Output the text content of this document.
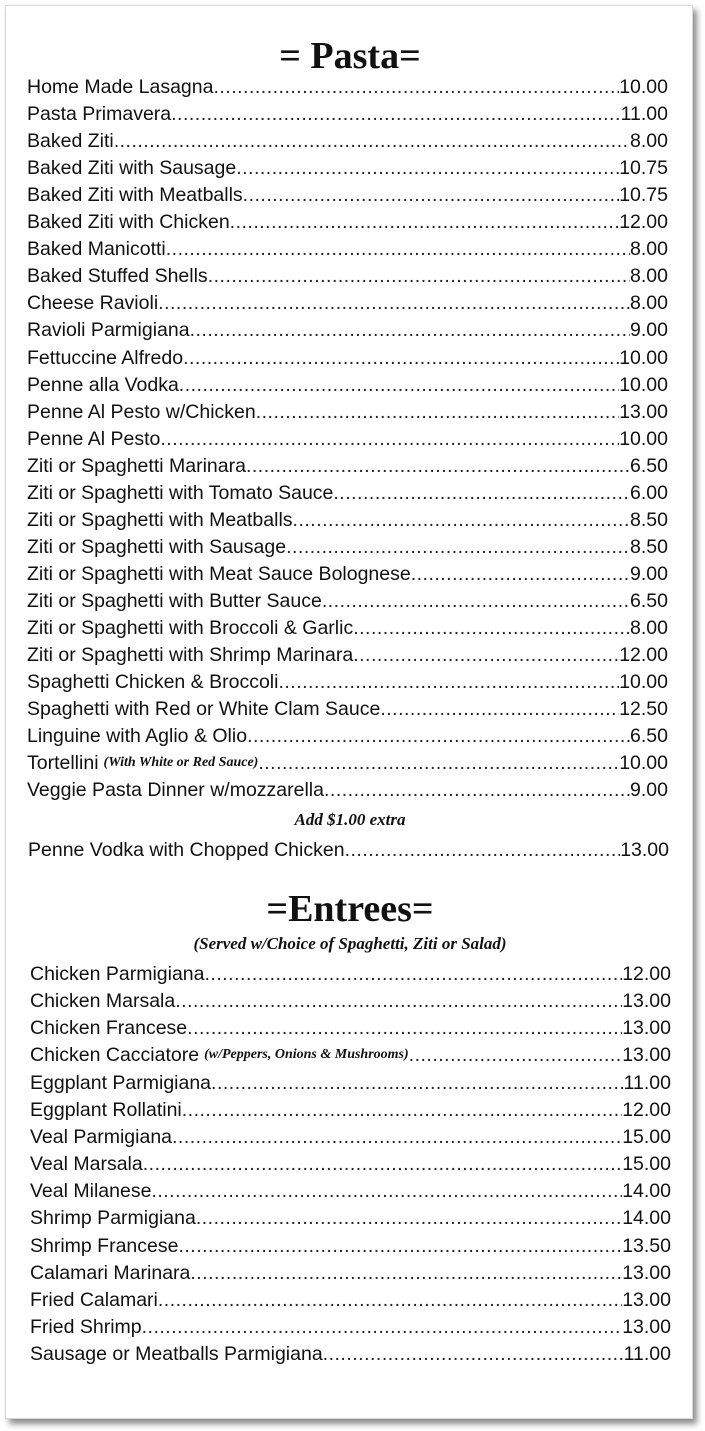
= Pasta=
Home Made Lasagna .....	10.00
Pasta Primavera .....	11.00
Baked Ziti .....	8.00
Baked Ziti with Sausage .....	10.75
Baked Ziti with Meatballs .....	10.75
Baked Ziti with Chicken .....	12.00
Baked Manicotti .....	8.00
Baked Stuffed Shells .....	8.00
Cheese Ravioli .....	8.00
Ravioli Parmigiana .....	9.00
Fettuccine Alfredo .....	10.00
Penne alla Vodka .....	10.00
Penne Al Pesto w/Chicken .....	13.00
Penne Al Pesto .....	10.00
Ziti or Spaghetti Marinara .....	6.50
Ziti or Spaghetti with Tomato Sauce .....	6.00
Ziti or Spaghetti with Meatballs .....	8.50
Ziti or Spaghetti with Sausage .....	8.50
Ziti or Spaghetti with Meat Sauce Bolognese .....	9.00
Ziti or Spaghetti with Butter Sauce .....	6.50
Ziti or Spaghetti with Broccoli & Garlic .....	8.00
Ziti or Spaghetti with Shrimp Marinara .....	12.00
Spaghetti Chicken & Broccoli .....	10.00
Spaghetti with Red or White Clam Sauce .....	12.50
Linguine with Aglio & Olio .....	6.50
Tortellini (With White or Red Sauce) .....	10.00
Veggie Pasta Dinner w/mozzarella .....	9.00
Add $1.00 extra
Penne Vodka with Chopped Chicken .....	13.00
=Entrees=
(Served w/Choice of Spaghetti, Ziti or Salad)
Chicken Parmigiana .....	12.00
Chicken Marsala .....	13.00
Chicken Francese .....	13.00
Chicken Cacciatore (w/Peppers, Onions & Mushrooms) .....	13.00
Eggplant Parmigiana .....	11.00
Eggplant Rollatini .....	12.00
Veal Parmigiana .....	15.00
Veal Marsala .....	15.00
Veal Milanese .....	14.00
Shrimp Parmigiana .....	14.00
Shrimp Francese .....	13.50
Calamari Marinara .....	13.00
Fried Calamari .....	13.00
Fried Shrimp .....	13.00
Sausage or Meatballs Parmigiana .....	11.00
